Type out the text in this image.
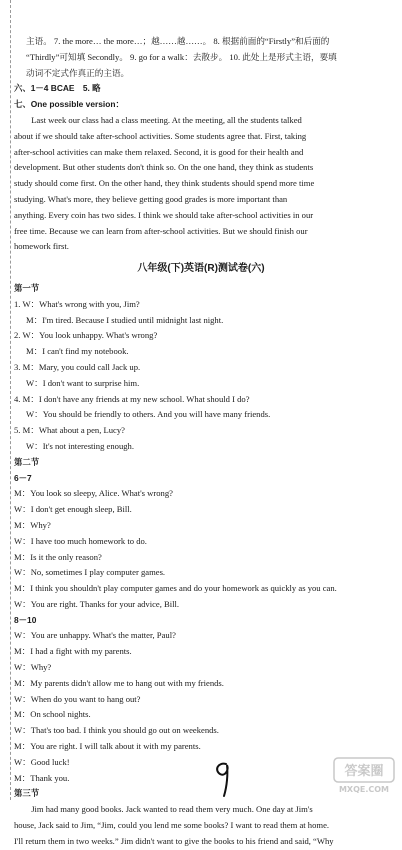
主语。 7. the more… the more…；越……越……。 8. 根据前面的“Firstly”和后面的

“Thirdly”可知填 Secondly。 9. go for a walk：去散步。 10. 此处上是形式主语，要填

动词不定式作真正的主语。

六、1－4 BCAE　5. 略

七、One possible version：

Last week our class had a class meeting. At the meeting, all the students talked

about if we should take after-school activities. Some students agree that. First, taking

after-school activities can make them relaxed. Second, it is good for their health and

development. But other students don't think so. On the one hand, they think as students

study should come first. On the other hand, they think students should spend more time

studying. What's more, they believe getting good grades is more important than

anything. Every coin has two sides. I think we should take after-school activities in our

free time. Because we can learn from after-school activities. But we should finish our

homework first.

八年级(下)英语(R)测试卷(六)

第一节

1. W：What's wrong with you, Jim?

M：I'm tired. Because I studied until midnight last night.

2. W：You look unhappy. What's wrong?

M：I can't find my notebook.

3. M：Mary, you could call Jack up.

W：I don't want to surprise him.

4. M：I don't have any friends at my new school. What should I do?

W：You should be friendly to others. And you will have many friends.

5. M：What about a pen, Lucy?

W：It's not interesting enough.

第二节

6－7

M：You look so sleepy, Alice. What's wrong?

W：I don't get enough sleep, Bill.

M：Why?

W：I have too much homework to do.

M：Is it the only reason?

W：No, sometimes I play computer games.

M：I think you shouldn't play computer games and do your homework as quickly as you can.

W：You are right. Thanks for your advice, Bill.

8－10

W：You are unhappy. What's the matter, Paul?

M：I had a fight with my parents.

W：Why?

M：My parents didn't allow me to hang out with my friends.

W：When do you want to hang out?

M：On school nights.

W：That's too bad. I think you should go out on weekends.

M：You are right. I will talk about it with my parents.

W：Good luck!

M：Thank you.

第三节

Jim had many good books. Jack wanted to read them very much. One day at Jim's

house, Jack said to Jim, “Jim, could you lend me some books? I want to read them at home.

I'll return them in two weeks.” Jim didn't want to give the books to his friend and said, “Why

答案圈
MXQE.COM
